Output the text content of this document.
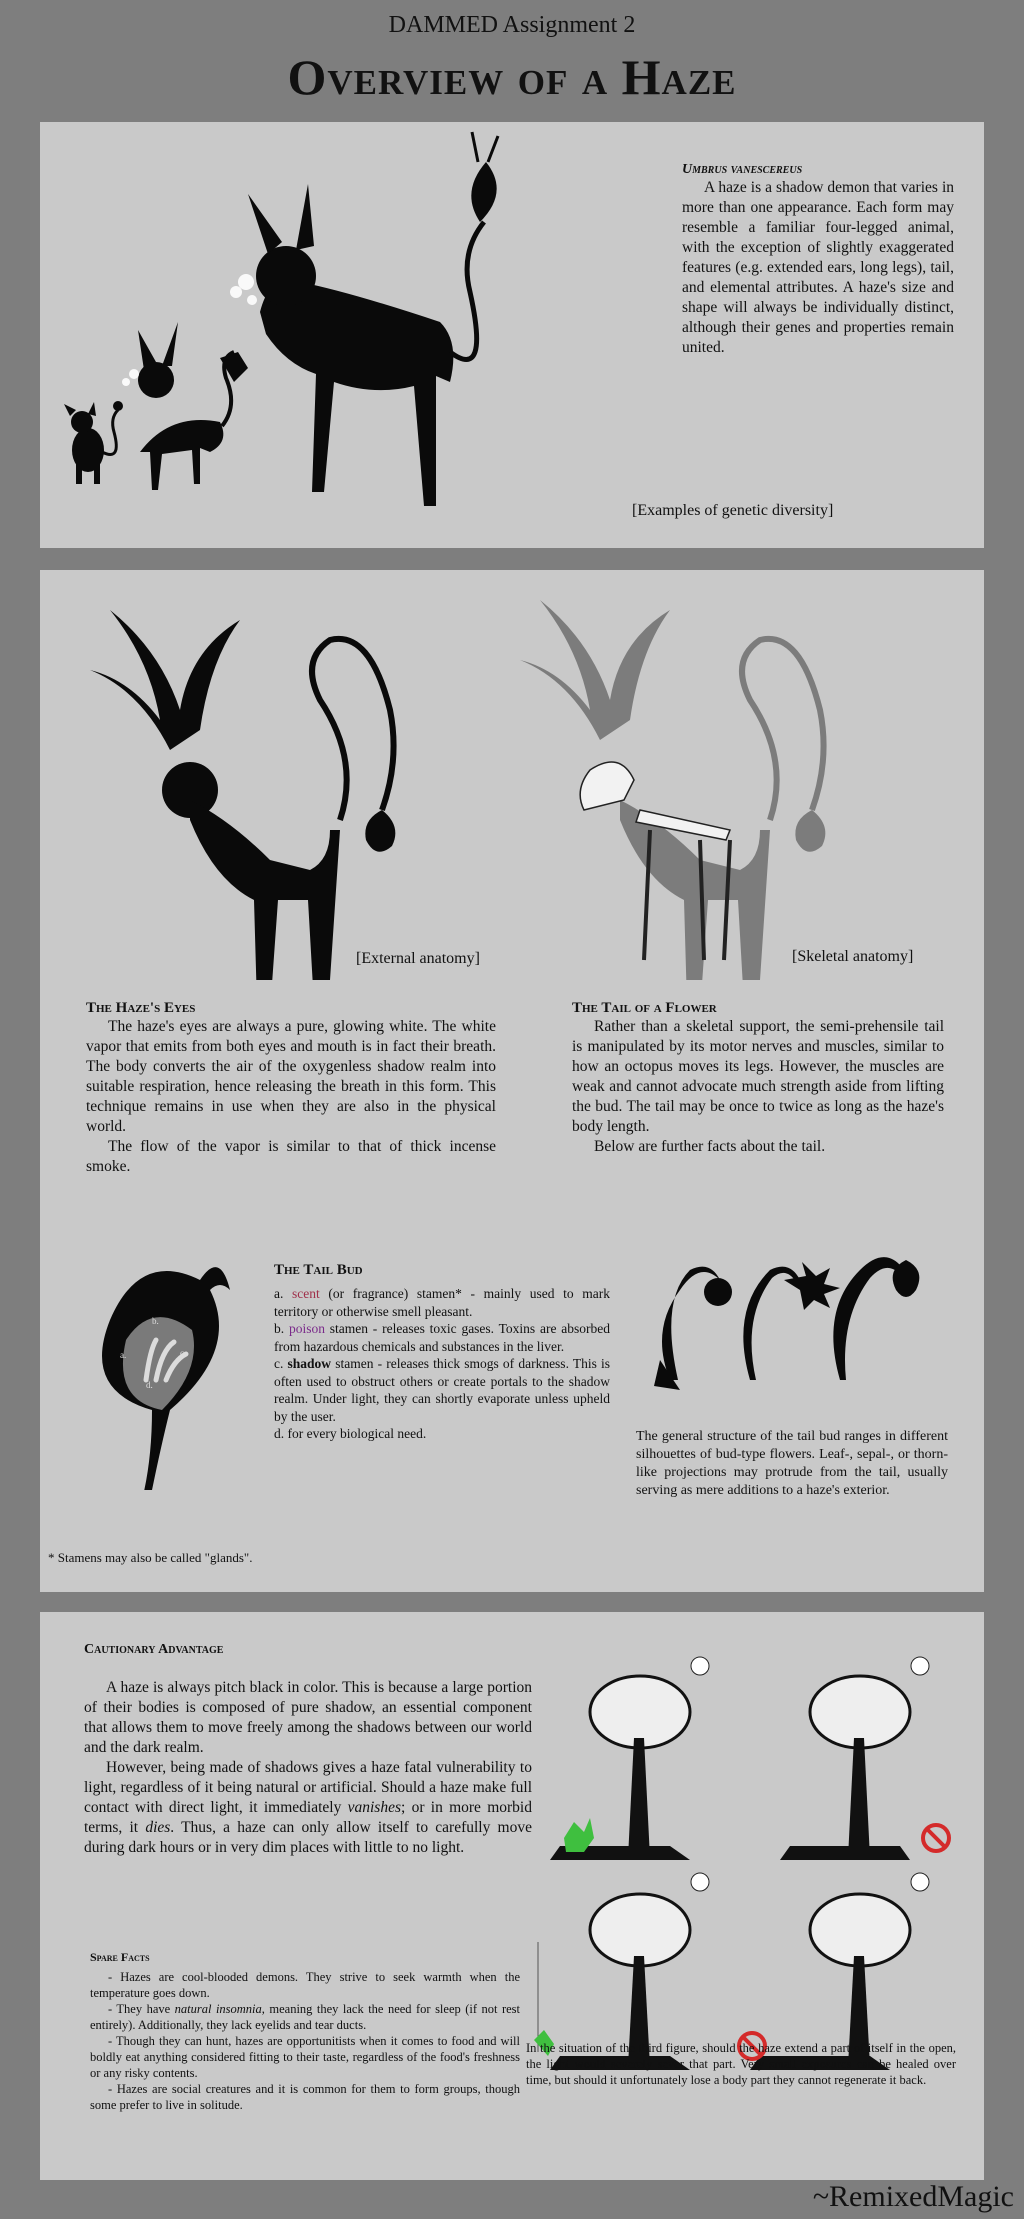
DAMMED Assignment 2
Overview of a Haze
Umbrus vanescereus

A haze is a shadow demon that varies in more than one appearance. Each form may resemble a familiar four-legged animal, with the exception of slightly exaggerated features (e.g. extended ears, long legs), tail, and elemental attributes. A haze's size and shape will always be individually distinct, although their genes and properties remain united.

[Examples of genetic diversity]
[External anatomy]	[Skeletal anatomy]
The Haze's Eyes

The haze's eyes are always a pure, glowing white. The white vapor that emits from both eyes and mouth is in fact their breath. The body converts the air of the oxygenless shadow realm into suitable respiration, hence releasing the breath in this form. This technique remains in use when they are also in the physical world.

The flow of the vapor is similar to that of thick incense smoke.

The Tail of a Flower

Rather than a skeletal support, the semi-prehensile tail is manipulated by its motor nerves and muscles, similar to how an octopus moves its legs. However, the muscles are weak and cannot advocate much strength aside from lifting the bud. The tail may be once to twice as long as the haze's body length.

Below are further facts about the tail.

a.
b.
c.
d.
The Tail Bud
a. scent (or fragrance) stamen* - mainly used to mark territory or otherwise smell pleasant.
b. poison stamen - releases toxic gases. Toxins are absorbed from hazardous chemicals and substances in the liver.
c. shadow stamen - releases thick smogs of darkness. This is often used to obstruct others or create portals to the shadow realm. Under light, they can shortly evaporate unless upheld by the user.
d. for every biological need.	The general structure of the tail bud ranges in different silhouettes of bud-type flowers. Leaf-, sepal-, or thorn-like projections may protrude from the tail, usually serving as mere additions to a haze's exterior.
* Stamens may also be called "glands".
Cautionary Advantage

A haze is always pitch black in color. This is because a large portion of their bodies is composed of pure shadow, an essential component that allows them to move freely among the shadows between our world and the dark realm.

However, being made of shadows gives a haze fatal vulnerability to light, regardless of it being natural or artificial. Should a haze make full contact with direct light, it immediately vanishes; or in more morbid terms, it dies. Thus, a haze can only allow itself to carefully move during dark hours or in very dim places with little to no light.

Spare Facts

- Hazes are cool-blooded demons. They strive to seek warmth when the temperature goes down.

- They have natural insomnia, meaning they lack the need for sleep (if not rest entirely). Additionally, they lack eyelids and tear ducts.

- Though they can hunt, hazes are opportunitists when it comes to food and will boldly eat anything considered fitting to their taste, regardless of the food's freshness or any risky contents.

- Hazes are social creatures and it is common for them to form groups, though some prefer to live in solitude.

In the situation of the third figure, should the haze extend a part of itself in the open, the light would severely sever that part. Very small exposures can be healed over time, but should it unfortunately lose a body part they cannot regenerate it back.
~RemixedMagic
